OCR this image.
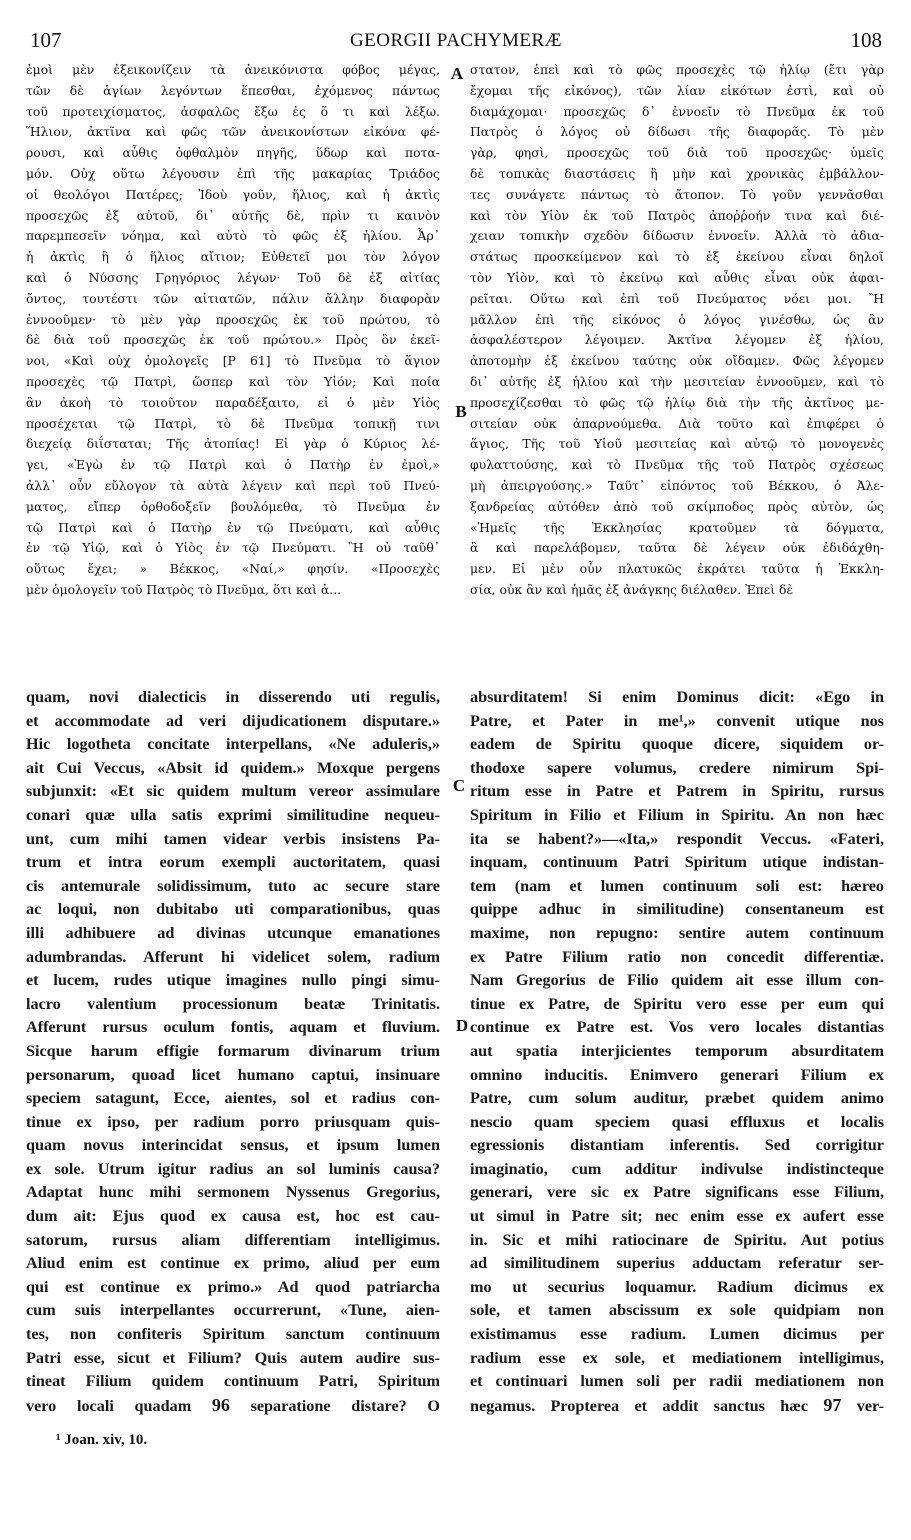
107	GEORGII PACHYMERÆ	108
ἐμοὶ μὲν ἐξεικονίζειν τὰ ἀνεικόνιστα φόβος μέγας,
τῶν δὲ ἁγίων λεγόντων ἕπεσθαι, ἐχόμενος πάντως
τοῦ προτειχίσματος, ἀσφαλῶς ἔξω ἐς ὅ τι καὶ λέξω.
Ἥλιον, ἀκτῖνα καὶ φῶς τῶν ἀνεικονίστων εἰκόνα φέ-
ρουσι, καὶ αὖθις ὀφθαλμὸν πηγῆς, ὕδωρ καὶ ποτα-
μόν. Οὐχ οὕτω λέγουσιν ἐπὶ τῆς μακαρίας Τριάδος
οἱ θεολόγοι Πατέρες; Ἰδοὺ γοῦν, ἥλιος, καὶ ἡ ἀκτὶς
προσεχῶς ἐξ αὐτοῦ, δι᾽ αὐτῆς δὲ, πρὶν τι καινὸν
παρεμπεσεῖν νόημα, καὶ αὐτὸ τὸ φῶς ἐξ ἡλίου. Ἆρ᾽
ἡ ἀκτὶς ἢ ὁ ἥλιος αἴτιον; Εὐθετεῖ μοι τὸν λόγον
καὶ ὁ Νύσσης Γρηγόριος λέγων· Τοῦ δὲ ἐξ αἰτίας
ὄντος, τουτέστι τῶν αἰτιατῶν, πάλιν ἄλλην διαφορὰν
ἐννοοῦμεν· τὸ μὲν γὰρ προσεχῶς ἐκ τοῦ πρώτου, τὸ
δὲ διὰ τοῦ προσεχῶς ἐκ τοῦ πρώτου.» Πρὸς ὃν ἐκεῖ-
νοι, «Καὶ οὐχ ὁμολογεῖς [P 61] τὸ Πνεῦμα τὸ ἅγιον
προσεχὲς τῷ Πατρὶ, ὥσπερ καὶ τὸν Υἱόν; Καὶ ποία
ἂν ἀκοὴ τὸ τοιοῦτον παραδέξαιτο, εἰ ὁ μὲν Υἱὸς
προσέχεται τῷ Πατρὶ, τὸ δὲ Πνεῦμα τοπικῇ τινι
διεχείᾳ διΐσταται; Τῆς ἀτοπίας! Εἰ γὰρ ὁ Κύριος λέ-
γει, «Ἐγὼ ἐν τῷ Πατρὶ καὶ ὁ Πατὴρ ἐν ἐμοὶ,»
ἀλλ᾽ οὖν εὔλογον τὰ αὐτὰ λέγειν καὶ περὶ τοῦ Πνεύ-
ματος, εἴπερ ὀρθοδοξεῖν βουλόμεθα, τὸ Πνεῦμα ἐν
τῷ Πατρὶ καὶ ὁ Πατὴρ ἐν τῷ Πνεύματι, καὶ αὖθις
ἐν τῷ Υἱῷ, καὶ ὁ Υἱὸς ἐν τῷ Πνεύματι. Ἢ οὐ ταῦθ᾽
οὕτως ἔχει; » Βέκκος, «Ναί,» φησίν. «Προσεχὲς
μὲν ὁμολογεῖν τοῦ Πατρὸς τὸ Πνεῦμα, ὅτι καὶ ἀ...
στατον, ἐπεὶ καὶ τὸ φῶς προσεχὲς τῷ ἡλίῳ (ἔτι γὰρ
ἔχομαι τῆς εἰκόνος), τῶν λίαν εἰκότων ἐστὶ, καὶ οὐ
διαμάχομαι· προσεχῶς δ᾽ ἐννοεῖν τὸ Πνεῦμα ἐκ τοῦ
Πατρὸς ὁ λόγος οὐ δίδωσι τῆς διαφορᾶς. Τὸ μὲν
γὰρ, φησὶ, προσεχῶς τοῦ διὰ τοῦ προσεχῶς· ὑμεῖς
δὲ τοπικὰς διαστάσεις ἢ μὴν καὶ χρονικὰς ἐμβάλλον-
τες συνάγετε πάντως τὸ ἄτοπον. Τὸ γοῦν γεννᾶσθαι
καὶ τὸν Υἱὸν ἐκ τοῦ Πατρὸς ἀποῤῥοήν τινα καὶ διέ-
χειαν τοπικὴν σχεδὸν δίδωσιν ἐννοεῖν. Ἀλλὰ τὸ ἀδια-
στάτως προσκείμενον καὶ τὸ ἐξ ἐκείνου εἶναι δηλοῖ
τὸν Υἱὸν, καὶ τὸ ἐκείνῳ καὶ αὖθις εἶναι οὐκ ἀφαι-
ρεῖται. Οὕτω καὶ ἐπὶ τοῦ Πνεύματος νόει μοι. Ἢ
μᾶλλον ἐπὶ τῆς εἰκόνος ὁ λόγος γινέσθω, ὡς ἂν
ἀσφαλέστερον λέγοιμεν. Ἀκτῖνα λέγομεν ἐξ ἡλίου,
ἀποτομὴν ἐξ ἐκείνου ταύτης οὐκ οἴδαμεν. Φῶς λέγομεν
δι᾽ αὐτῆς ἐξ ἡλίου καὶ τὴν μεσιτείαν ἐννοοῦμεν, καὶ τὸ
προσεχίζεσθαι τὸ φῶς τῷ ἡλίῳ διὰ τὴν τῆς ἀκτῖνος με-
σιτείαν οὐκ ἀπαρνούμεθα. Διὰ τοῦτο καὶ ἐπιφέρει ὁ
ἅγιος, Τῆς τοῦ Υἱοῦ μεσιτείας καὶ αὐτῷ τὸ μονογενὲς
φυλαττούσης, καὶ τὸ Πνεῦμα τῆς τοῦ Πατρὸς σχέσεως
μὴ ἀπειργούσης.» Ταῦτ᾽ εἰπόντος τοῦ Βέκκου, ὁ Ἀλε-
ξανδρείας αὐτόθεν ἀπὸ τοῦ σκίμποδος πρὸς αὐτὸν, ὡς
«Ἡμεῖς τῆς Ἐκκλησίας κρατοῦμεν τὰ δόγματα,
ἃ καὶ παρελάβομεν, ταῦτα δὲ λέγειν οὐκ ἐδιδάχθη-
μεν. Εἰ μὲν οὖν πλατυκῶς ἐκράτει ταῦτα ἡ Ἐκκλη-
σία, οὐκ ἂν καὶ ἡμᾶς ἐξ ἀνάγκης διέλαθεν. Ἐπεὶ δὲ
quam, novi dialecticis in disserendo uti regulis,
et accommodate ad veri dijudicationem disputare.»
Hic logotheta concitate interpellans, «Ne aduleris,»
ait Cui Veccus, «Absit id quidem.» Moxque pergens
subjunxit: «Et sic quidem multum vereor assimulare
conari quæ ulla satis exprimi similitudine nequeu-
unt, cum mihi tamen videar verbis insistens Pa-
trum et intra eorum exempli auctoritatem, quasi
cis antemurale solidissimum, tuto ac secure stare
ac loqui, non dubitabo uti comparationibus, quas
illi adhibuere ad divinas utcunque emanationes
adumbrandas. Afferunt hi videlicet solem, radium
et lucem, rudes utique imagines nullo pingi simu-
lacro valentium processionum beatæ Trinitatis.
Afferunt rursus oculum fontis, aquam et fluvium.
Sicque harum effigie formarum divinarum trium
personarum, quoad licet humano captui, insinuare
speciem satagunt, Ecce, aientes, sol et radius con-
tinue ex ipso, per radium porro priusquam quis-
quam novus interincidat sensus, et ipsum lumen
ex sole. Utrum igitur radius an sol luminis causa?
Adaptat hunc mihi sermonem Nyssenus Gregorius,
dum ait: Ejus quod ex causa est, hoc est cau-
satorum, rursus aliam differentiam intelligimus.
Aliud enim est continue ex primo, aliud per eum
qui est continue ex primo.» Ad quod patriarcha
cum suis interpellantes occurrerunt, «Tune, aien-
tes, non confiteris Spiritum sanctum continuum
Patri esse, sicut et Filium? Quis autem audire sus-
tineat Filium quidem continuum Patri, Spiritum
vero locali quadam 96 separatione distare? O
absurditatem! Si enim Dominus dicit: «Ego in
Patre, et Pater in me¹,» convenit utique nos
eadem de Spiritu quoque dicere, siquidem or-
thodoxe sapere volumus, credere nimirum Spi-
ritum esse in Patre et Patrem in Spiritu, rursus
Spiritum in Filio et Filium in Spiritu. An non hæc
ita se habent?»—«Ita,» respondit Veccus. «Fateri,
inquam, continuum Patri Spiritum utique indistan-
tem (nam et lumen continuum soli est: hæreo
quippe adhuc in similitudine) consentaneum est
maxime, non repugno: sentire autem continuum
ex Patre Filium ratio non concedit differentiæ.
Nam Gregorius de Filio quidem ait esse illum con-
tinue ex Patre, de Spiritu vero esse per eum qui
continue ex Patre est. Vos vero locales distantias
aut spatia interjicientes temporum absurditatem
omnino inducitis. Enimvero generari Filium ex
Patre, cum solum auditur, præbet quidem animo
nescio quam speciem quasi effluxus et localis
egressionis distantiam inferentis. Sed corrigitur
imaginatio, cum additur indivulse indistincteque
generari, vere sic ex Patre significans esse Filium,
ut simul in Patre sit; nec enim esse ex aufert esse
in. Sic et mihi ratiocinare de Spiritu. Aut potius
ad similitudinem superius adductam referatur ser-
mo ut securius loquamur. Radium dicimus ex
sole, et tamen abscissum ex sole quidpiam non
existimamus esse radium. Lumen dicimus per
radium esse ex sole, et mediationem intelligimus,
et continuari lumen soli per radii mediationem non
negamus. Propterea et addit sanctus hæc 97 ver-
A
B
C
D
¹ Joan. xiv, 10.
